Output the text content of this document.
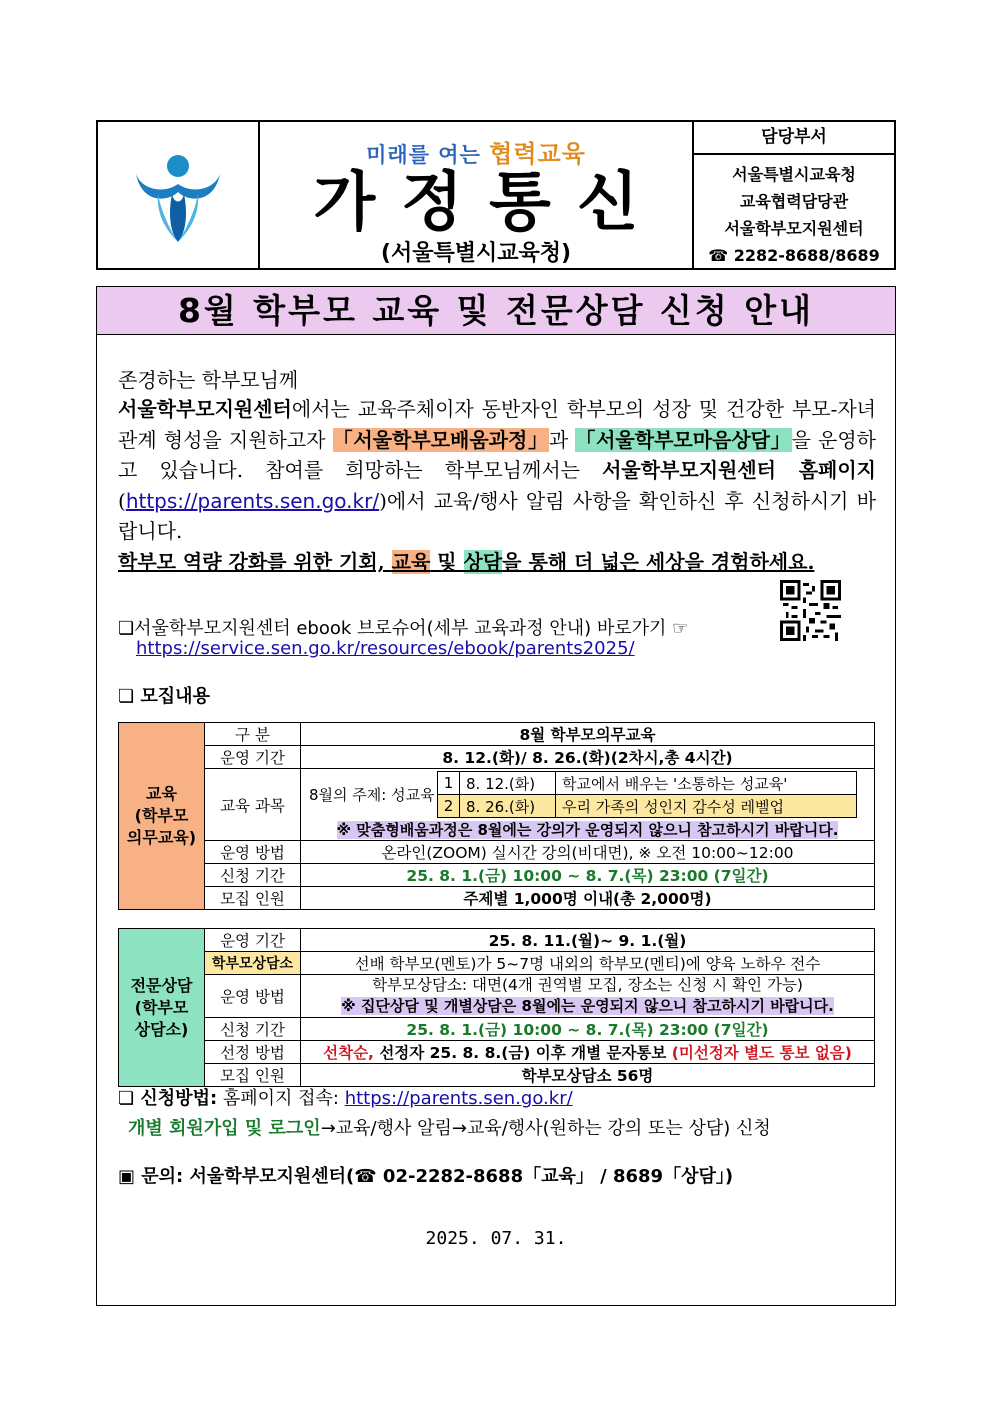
미래를 여는 협력교육
가정통신
(서울특별시교육청)
담당부서
서울특별시교육청
교육협력담당관
서울학부모지원센터
☎ 2282-8688/8689
8월 학부모 교육 및 전문상담 신청 안내
존경하는 학부모님께
서울학부모지원센터에서는 교육주체이자 동반자인 학부모의 성장 및 건강한 부모-자녀 관계 형성을 지원하고자 「서울학부모배움과정」과 「서울학부모마음상담」을 운영하고 있습니다. 참여를 희망하는 학부모님께서는 서울학부모지원센터 홈페이지(https://parents.sen.go.kr/)에서 교육/행사 알림 사항을 확인하신 후 신청하시기 바랍니다.
학부모 역량 강화를 위한 기회, 교육 및 상담을 통해 더 넓은 세상을 경험하세요.
❏서울학부모지원센터 ebook 브로슈어(세부 교육과정 안내) 바로가기 ☞
https://service.sen.go.kr/resources/ebook/parents2025/
❏ 모집내용
교육
(학부모
의무교육)	구 분	8월 학부모의무교육
운영 기간	8. 12.(화)/ 8. 26.(화)(2차시,총 4시간)
교육 과목	
8월의 주제: 성교육
1	8. 12.(화)	학교에서 배우는 '소통하는 성교육'
2	8. 26.(화)	우리 가족의 성인지 감수성 레벨업

※ 맞춤형배움과정은 8월에는 강의가 운영되지 않으니 참고하시기 바랍니다.
운영 방법	온라인(ZOOM) 실시간 강의(비대면), ※ 오전 10:00~12:00
신청 기간	25. 8. 1.(금) 10:00 ~ 8. 7.(목) 23:00 (7일간)
모집 인원	주제별 1,000명 이내(총 2,000명)
전문상담
(학부모
상담소)	운영 기간	25. 8. 11.(월)~ 9. 1.(월)
	학부모상담소	선배 학부모(멘토)가 5~7명 내외의 학부모(멘티)에 양육 노하우 전수
	운영 방법	학부모상담소: 대면(4개 권역별 모집, 장소는 신청 시 확인 가능)
※ 집단상담 및 개별상담은 8월에는 운영되지 않으니 참고하시기 바랍니다.

	신청 기간	25. 8. 1.(금) 10:00 ~ 8. 7.(목) 23:00 (7일간)
	선정 방법	선착순, 선정자 25. 8. 8.(금) 이후 개별 문자통보 (미선정자 별도 통보 없음)
	모집 인원	학부모상담소 56명
❏ 신청방법: 홈페이지 접속: https://parents.sen.go.kr/
개별 회원가입 및 로그인→교육/행사 알림→교육/행사(원하는 강의 또는 상담) 신청
▣ 문의: 서울학부모지원센터(☎ 02-2282-8688「교육」 / 8689「상담」)
2025. 07. 31.
